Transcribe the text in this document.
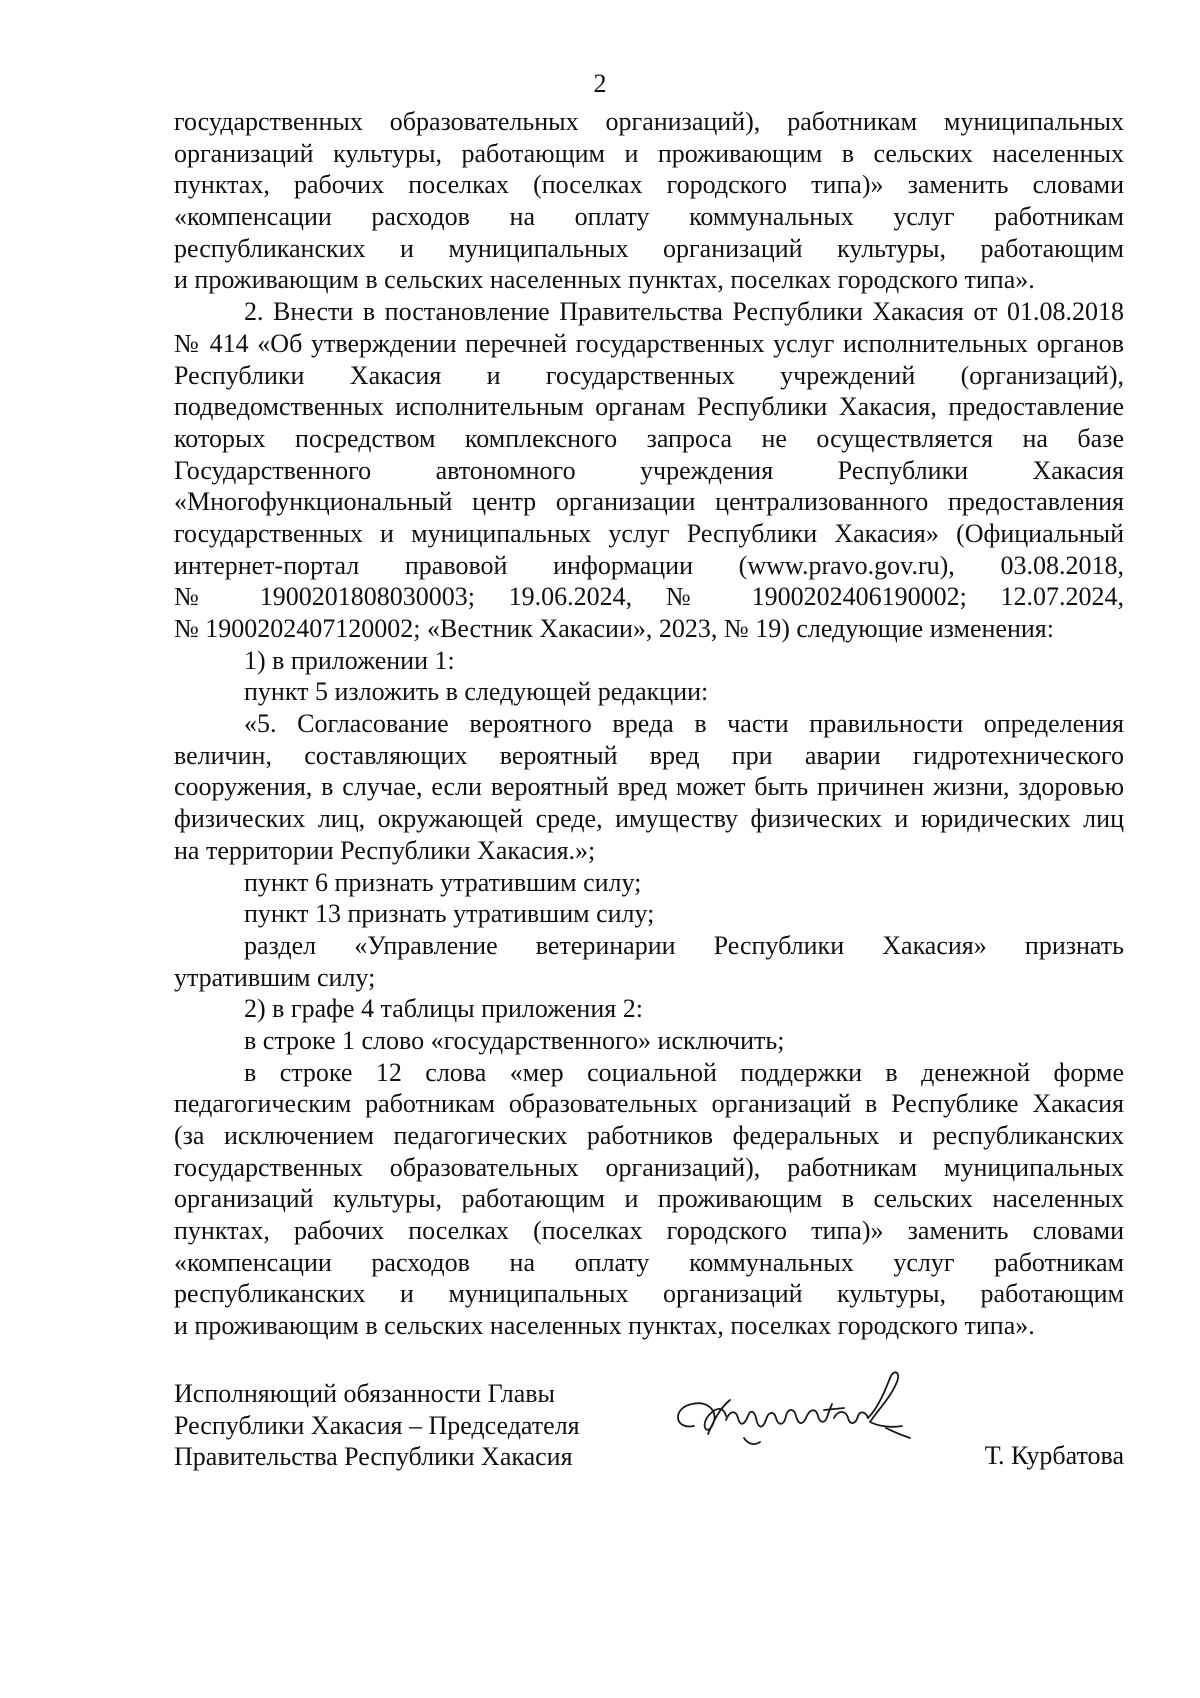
2
государственных образовательных организаций), работникам муниципальных
организаций культуры, работающим и проживающим в сельских населенных
пунктах, рабочих поселках (поселках городского типа)» заменить словами
«компенсации расходов на оплату коммунальных услуг работникам
республиканских и муниципальных организаций культуры, работающим
и проживающим в сельских населенных пунктах, поселках городского типа».
2. Внести в постановление Правительства Республики Хакасия от 01.08.2018
№ 414 «Об утверждении перечней государственных услуг исполнительных органов
Республики Хакасия и государственных учреждений (организаций),
подведомственных исполнительным органам Республики Хакасия, предоставление
которых посредством комплексного запроса не осуществляется на базе
Государственного автономного учреждения Республики Хакасия
«Многофункциональный центр организации централизованного предоставления
государственных и муниципальных услуг Республики Хакасия» (Официальный
интернет-портал правовой информации (www.pravo.gov.ru), 03.08.2018,
№ 1900201808030003; 19.06.2024, № 1900202406190002; 12.07.2024,
№ 1900202407120002; «Вестник Хакасии», 2023, № 19) следующие изменения:
1) в приложении 1:
пункт 5 изложить в следующей редакции:
«5. Согласование вероятного вреда в части правильности определения
величин, составляющих вероятный вред при аварии гидротехнического
сооружения, в случае, если вероятный вред может быть причинен жизни, здоровью
физических лиц, окружающей среде, имуществу физических и юридических лиц
на территории Республики Хакасия.»;
пункт 6 признать утратившим силу;
пункт 13 признать утратившим силу;
раздел «Управление ветеринарии Республики Хакасия» признать
утратившим силу;
2) в графе 4 таблицы приложения 2:
в строке 1 слово «государственного» исключить;
в строке 12 слова «мер социальной поддержки в денежной форме
педагогическим работникам образовательных организаций в Республике Хакасия
(за исключением педагогических работников федеральных и республиканских
государственных образовательных организаций), работникам муниципальных
организаций культуры, работающим и проживающим в сельских населенных
пунктах, рабочих поселках (поселках городского типа)» заменить словами
«компенсации расходов на оплату коммунальных услуг работникам
республиканских и муниципальных организаций культуры, работающим
и проживающим в сельских населенных пунктах, поселках городского типа».
Исполняющий обязанности Главы
Республики Хакасия – Председателя
Правительства Республики Хакасия	Т. Курбатова
